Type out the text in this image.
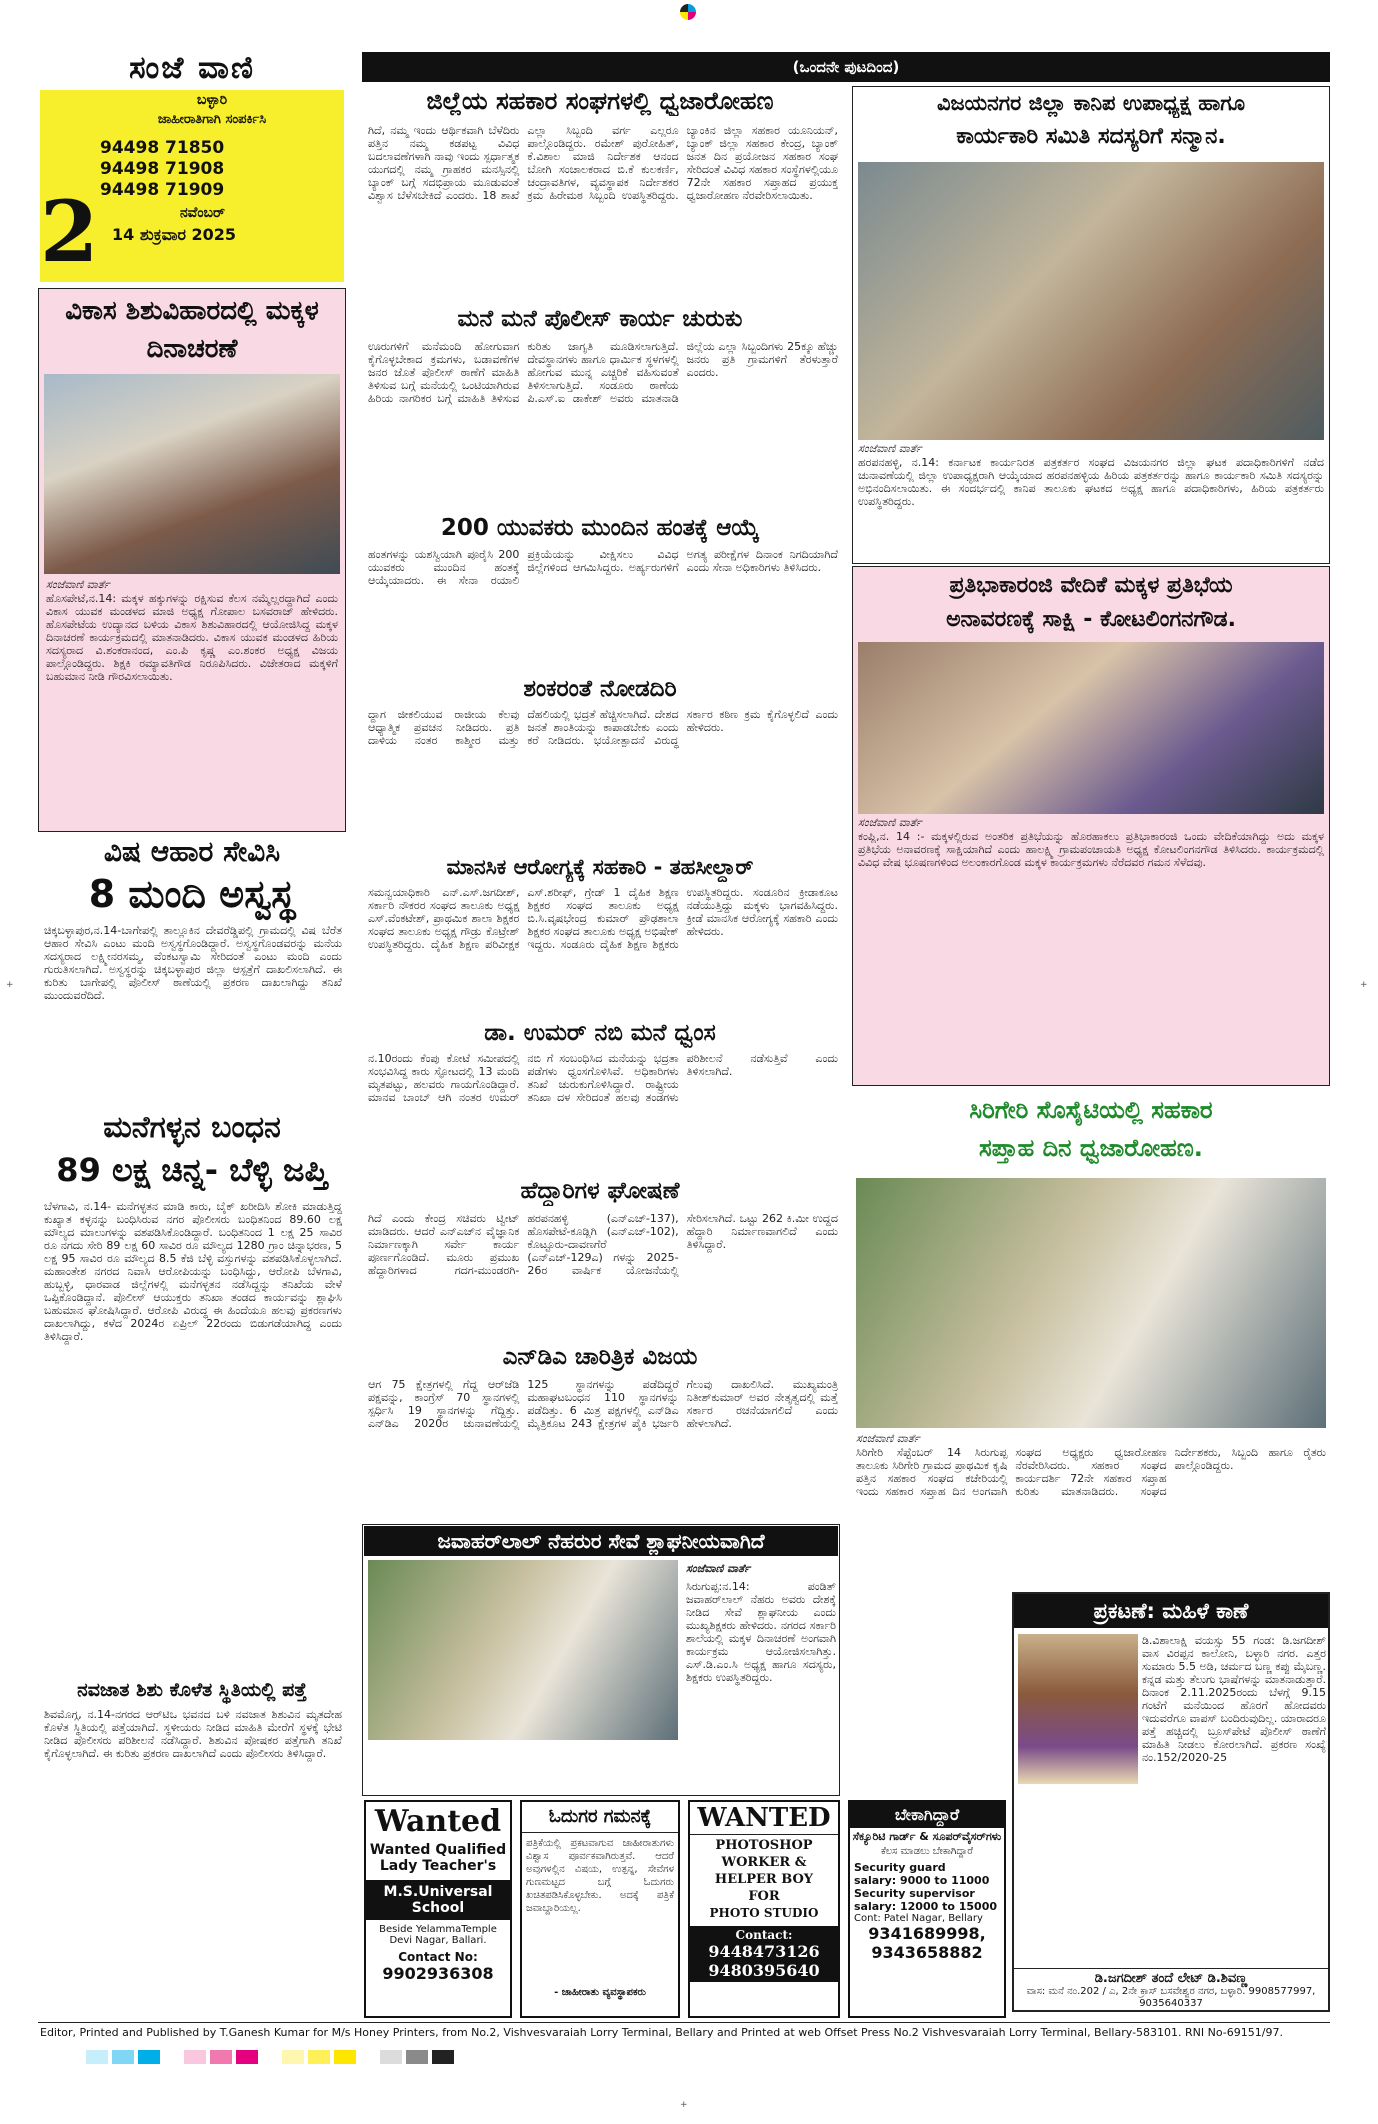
+
+
ಸಂಜೆ ವಾಣಿ
ಬಳ್ಳಾರಿ
ಜಾಹೀರಾತಿಗಾಗಿ ಸಂಪರ್ಕಿಸಿ
94498 71850
94498 71908
94498 71909
ನವೆಂಬರ್
14 ಶುಕ್ರವಾರ 2025
2
(ಒಂದನೇ ಪುಟದಿಂದ)
ಜಿಲ್ಲೆಯ ಸಹಕಾರ ಸಂಘಗಳಲ್ಲಿ ಧ್ವಜಾರೋಹಣ
ಗಿದೆ, ನಮ್ಮ ಇಂದು ಆರ್ಥಿಕವಾಗಿ ಬೆಳೆದಿರು ಪತ್ತಿನ ನಮ್ಮ ಕಡಪಟ್ಟ ವಿವಿಧ ಬದಲಾವಣೆಗಳಾಗಿ ನಾವು ಇಂದು ಸ್ಪರ್ಧಾತ್ಮಕ ಯುಗದಲ್ಲಿ ನಮ್ಮ ಗ್ರಾಹಕರ ಮನಸ್ಸಿನಲ್ಲಿ ಬ್ಯಾಂಕ್ ಬಗ್ಗೆ ಸದಭಿಪ್ರಾಯ ಮೂಡುವಂತೆ ವಿಶ್ವಾಸ ಬೆಳೆಸಬೇಕಿದೆ ಎಂದರು. 18 ಶಾಖೆ ಎಲ್ಲಾ ಸಿಬ್ಬಂದಿ ವರ್ಗ ಎಲ್ಲರೂ ಪಾಲ್ಗೊಂಡಿದ್ದರು. ರಮೇಶ್ ಪುರೋಹಿತ್, ಕೆ.ವಿಶಾಲ ಮಾಜಿ ನಿರ್ದೇಶಕ ಆನಂದ ಬೋಗಿ ಸಂಚಾಲಕರಾದ ಬಿ.ಕೆ ಕುಲಕರ್ಣಿ, ಚಂದ್ರಾವತಿಗಳ, ವ್ಯವಸ್ಥಾಪಕ ನಿರ್ದೇಶಕರ ಕ್ರಮ ಹಿರೇಮಠ ಸಿಬ್ಬಂದಿ ಉಪಸ್ಥಿತರಿದ್ದರು. ಬ್ಯಾಂಕಿನ ಜಿಲ್ಲಾ ಸಹಕಾರ ಯೂನಿಯನ್, ಬ್ಯಾಂಕ್ ಜಿಲ್ಲಾ ಸಹಕಾರ ಕೇಂದ್ರ, ಬ್ಯಾಂಕ್ ಜನತ ದಿನ ಪ್ರಯೋಜನ ಸಹಕಾರ ಸಂಘ ಸೇರಿದಂತೆ ವಿವಿಧ ಸಹಕಾರ ಸಂಸ್ಥೆಗಳಲ್ಲಿಯೂ 72ನೇ ಸಹಕಾರ ಸಪ್ತಾಹದ ಪ್ರಯುಕ್ತ ಧ್ವಜಾರೋಹಣ ನೆರವೇರಿಸಲಾಯಿತು.
ಮನೆ ಮನೆ ಪೊಲೀಸ್ ಕಾರ್ಯ ಚುರುಕು
ಊರುಗಳಿಗೆ ಮನೆಮಂದಿ ಹೋಗುವಾಗ ಕೈಗೊಳ್ಳಬೇಕಾದ ಕ್ರಮಗಳು, ಬಡಾವಣೆಗಳ ಜನರ ಜೊತೆ ಪೊಲೀಸ್ ಠಾಣೆಗೆ ಮಾಹಿತಿ ತಿಳಿಸುವ ಬಗ್ಗೆ ಮನೆಯಲ್ಲಿ ಒಂಟಿಯಾಗಿರುವ ಹಿರಿಯ ನಾಗರಿಕರ ಬಗ್ಗೆ ಮಾಹಿತಿ ತಿಳಿಸುವ ಕುರಿತು ಜಾಗೃತಿ ಮೂಡಿಸಲಾಗುತ್ತಿದೆ. ದೇವಸ್ಥಾನಗಳು ಹಾಗೂ ಧಾರ್ಮಿಕ ಸ್ಥಳಗಳಲ್ಲಿ ಹೋಗುವ ಮುನ್ನ ಎಚ್ಚರಿಕೆ ವಹಿಸುವಂತೆ ತಿಳಿಸಲಾಗುತ್ತಿದೆ. ಸಂಡೂರು ಠಾಣೆಯ ಪಿ.ಎಸ್.ಐ ಡಾಕೇಶ್ ಅವರು ಮಾತನಾಡಿ ಜಿಲ್ಲೆಯ ಎಲ್ಲಾ ಸಿಬ್ಬಂದಿಗಳು 25ಕ್ಕೂ ಹೆಚ್ಚು ಜನರು ಪ್ರತಿ ಗ್ರಾಮಗಳಿಗೆ ತೆರಳುತ್ತಾರೆ ಎಂದರು.
200 ಯುವಕರು ಮುಂದಿನ ಹಂತಕ್ಕೆ ಆಯ್ಕೆ
ಹಂತಗಳನ್ನು ಯಶಸ್ವಿಯಾಗಿ ಪೂರೈಸಿ 200 ಯುವಕರು ಮುಂದಿನ ಹಂತಕ್ಕೆ ಆಯ್ಕೆಯಾದರು. ಈ ಸೇನಾ ರಯಾಲಿ ಪ್ರಕ್ರಿಯೆಯನ್ನು ವೀಕ್ಷಿಸಲು ವಿವಿಧ ಜಿಲ್ಲೆಗಳಿಂದ ಆಗಮಿಸಿದ್ದರು. ಅರ್ಹ್ಯರುಗಳಿಗೆ ಅಗತ್ಯ ಪರೀಕ್ಷೆಗಳ ದಿನಾಂಕ ನಿಗದಿಯಾಗಿದೆ ಎಂದು ಸೇನಾ ಅಧಿಕಾರಿಗಳು ತಿಳಿಸಿದರು.
ಶಂಕರಂತೆ ನೋಡದಿರಿ
ದ್ದಾಗ ಜೀಕಲಿಯುವ ರಾಜೀಯ ಕೆಲವು ಆಧ್ಯಾತ್ಮಿಕ ಪ್ರವಚನ ನೀಡಿದರು. ಪ್ರತಿ ದಾಳಿಯ ನಂತರ ಕಾಶ್ಮೀರ ಮತ್ತು ದೆಹಲಿಯಲ್ಲಿ ಭದ್ರತೆ ಹೆಚ್ಚಿಸಲಾಗಿದೆ. ದೇಶದ ಜನತೆ ಶಾಂತಿಯನ್ನು ಕಾಪಾಡಬೇಕು ಎಂದು ಕರೆ ನೀಡಿದರು. ಭಯೋತ್ಪಾದನೆ ವಿರುದ್ಧ ಸರ್ಕಾರ ಕಠಿಣ ಕ್ರಮ ಕೈಗೊಳ್ಳಲಿದೆ ಎಂದು ಹೇಳಿದರು.
ಮಾನಸಿಕ ಆರೋಗ್ಯಕ್ಕೆ ಸಹಕಾರಿ - ತಹಸೀಲ್ದಾರ್
ಸಮನ್ವಯಾಧಿಕಾರಿ ಎನ್.ಎಸ್.ಜಗದೀಶ್, ಸರ್ಕಾರಿ ನೌಕರರ ಸಂಘದ ತಾಲೂಕು ಅಧ್ಯಕ್ಷ ಎಸ್.ವೆಂಕಟೇಶ್, ಪ್ರಾಥಮಿಕ ಶಾಲಾ ಶಿಕ್ಷಕರ ಸಂಘದ ತಾಲೂಕು ಅಧ್ಯಕ್ಷ ಗೌಡ್ರು ಕೊಟ್ರೇಶ್ ಉಪಸ್ಥಿತರಿದ್ದರು. ದೈಹಿಕ ಶಿಕ್ಷಣ ಪರಿವೀಕ್ಷಕ ಎಸ್.ಶರೀಫ್, ಗ್ರೇಡ್ 1 ದೈಹಿಕ ಶಿಕ್ಷಣ ಶಿಕ್ಷಕರ ಸಂಘದ ತಾಲೂಕು ಅಧ್ಯಕ್ಷ ಬಿ.ಸಿ.ವೃಷಭೇಂದ್ರ ಕುಮಾರ್ ಪ್ರೌಢಶಾಲಾ ಶಿಕ್ಷಕರ ಸಂಘದ ತಾಲೂಕು ಅಧ್ಯಕ್ಷ ಅಭಿಷೇಕ್ ಇದ್ದರು. ಸಂಡೂರು ದೈಹಿಕ ಶಿಕ್ಷಣ ಶಿಕ್ಷಕರು ಉಪಸ್ಥಿತರಿದ್ದರು. ಸಂಡೂರಿನ ಕ್ರೀಡಾಕೂಟ ನಡೆಯುತ್ತಿದ್ದು ಮಕ್ಕಳು ಭಾಗವಹಿಸಿದ್ದರು. ಕ್ರೀಡೆ ಮಾನಸಿಕ ಆರೋಗ್ಯಕ್ಕೆ ಸಹಕಾರಿ ಎಂದು ಹೇಳಿದರು.
ಡಾ. ಉಮರ್ ನಬಿ ಮನೆ ಧ್ವಂಸ
ನ.10ರಂದು ಕೆಂಪು ಕೋಟೆ ಸಮೀಪದಲ್ಲಿ ಸಂಭವಿಸಿದ್ದ ಕಾರು ಸ್ಫೋಟದಲ್ಲಿ 13 ಮಂದಿ ಮೃತಪಟ್ಟು, ಹಲವರು ಗಾಯಗೊಂಡಿದ್ದಾರೆ. ಮಾನವ ಬಾಂಬ್ ಆಗಿ ನಂತರ ಉಮರ್ ನಬಿ ಗೆ ಸಂಬಂಧಿಸಿದ ಮನೆಯನ್ನು ಭದ್ರತಾ ಪಡೆಗಳು ಧ್ವಂಸಗೊಳಿಸಿವೆ. ಅಧಿಕಾರಿಗಳು ತನಿಖೆ ಚುರುಕುಗೊಳಿಸಿದ್ದಾರೆ. ರಾಷ್ಟ್ರೀಯ ತನಿಖಾ ದಳ ಸೇರಿದಂತೆ ಹಲವು ತಂಡಗಳು ಪರಿಶೀಲನೆ ನಡೆಸುತ್ತಿವೆ ಎಂದು ತಿಳಿಸಲಾಗಿದೆ.
ಹೆದ್ದಾರಿಗಳ ಘೋಷಣೆ
ಗಿದೆ ಎಂದು ಕೇಂದ್ರ ಸಚಿವರು ಟ್ವೀಟ್ ಮಾಡಿದರು. ಆದರೆ ಎನ್‌ಎಚ್‌ನ ವೈಜ್ಞಾನಿಕ ನಿರ್ಮಾಣಕ್ಕಾಗಿ ಸರ್ವೇ ಕಾರ್ಯ ಪೂರ್ಣಗೊಂಡಿದೆ. ಮೂರು ಪ್ರಮುಖ ಹೆದ್ದಾರಿಗಳಾದ ಗದಗ-ಮುಂಡರಗಿ-ಹರಪನಹಳ್ಳಿ (ಎನ್‌ಎಚ್-137), ಹೊಸಪೇಟೆ-ಕೂಡ್ಲಿಗಿ (ಎನ್‌ಎಚ್-102), ಕೊಟ್ಟೂರು-ದಾವಣಗೆರೆ (ಎನ್‌ಎಚ್-129ಎ) ಗಳನ್ನು 2025-26ರ ವಾರ್ಷಿಕ ಯೋಜನೆಯಲ್ಲಿ ಸೇರಿಸಲಾಗಿದೆ. ಒಟ್ಟು 262 ಕಿ.ಮೀ ಉದ್ದದ ಹೆದ್ದಾರಿ ನಿರ್ಮಾಣವಾಗಲಿದೆ ಎಂದು ತಿಳಿಸಿದ್ದಾರೆ.
ಎನ್‌ಡಿಎ ಚಾರಿತ್ರಿಕ ವಿಜಯ
ಆಗ 75 ಕ್ಷೇತ್ರಗಳಲ್ಲಿ ಗೆದ್ದ ಆರ್‌ಜೆಡಿ ಪಕ್ಷವನ್ನು, ಕಾಂಗ್ರೆಸ್ 70 ಸ್ಥಾನಗಳಲ್ಲಿ ಸ್ಪರ್ಧಿಸಿ 19 ಸ್ಥಾನಗಳನ್ನು ಗೆದ್ದಿತ್ತು. ಎನ್‌ಡಿಎ 2020ರ ಚುನಾವಣೆಯಲ್ಲಿ 125 ಸ್ಥಾನಗಳನ್ನು ಪಡೆದಿದ್ದರೆ ಮಹಾಘಟಬಂಧನ 110 ಸ್ಥಾನಗಳನ್ನು ಪಡೆದಿತ್ತು. 6 ಮಿತ್ರ ಪಕ್ಷಗಳಲ್ಲಿ ಎನ್‌ಡಿಎ ಮೈತ್ರಿಕೂಟ 243 ಕ್ಷೇತ್ರಗಳ ಪೈಕಿ ಭರ್ಜರಿ ಗೆಲುವು ದಾಖಲಿಸಿದೆ. ಮುಖ್ಯಮಂತ್ರಿ ನಿತೀಶ್‌ಕುಮಾರ್ ಅವರ ನೇತೃತ್ವದಲ್ಲಿ ಮತ್ತೆ ಸರ್ಕಾರ ರಚನೆಯಾಗಲಿದೆ ಎಂದು ಹೇಳಲಾಗಿದೆ.
ಜವಾಹರ್‌ಲಾಲ್ ನೆಹರುರ ಸೇವೆ ಶ್ಲಾಘನೀಯವಾಗಿದೆ
ಸಂಜೆವಾಣಿ ವಾರ್ತೆ
ಸಿರುಗುಪ್ಪ:ನ.14: ಪಂಡಿತ್ ಜವಾಹರ್‌ಲಾಲ್ ನೆಹರು ಅವರು ದೇಶಕ್ಕೆ ನೀಡಿದ ಸೇವೆ ಶ್ಲಾಘನೀಯ ಎಂದು ಮುಖ್ಯಶಿಕ್ಷಕರು ಹೇಳಿದರು. ನಗರದ ಸರ್ಕಾರಿ ಶಾಲೆಯಲ್ಲಿ ಮಕ್ಕಳ ದಿನಾಚರಣೆ ಅಂಗವಾಗಿ ಕಾರ್ಯಕ್ರಮ ಆಯೋಜಿಸಲಾಗಿತ್ತು. ಎಸ್.ಡಿ.ಎಂ.ಸಿ ಅಧ್ಯಕ್ಷ ಹಾಗೂ ಸದಸ್ಯರು, ಶಿಕ್ಷಕರು ಉಪಸ್ಥಿತರಿದ್ದರು.
ವಿಕಾಸ ಶಿಶುವಿಹಾರದಲ್ಲಿ ಮಕ್ಕಳ ದಿನಾಚರಣೆ
ಸಂಜೆವಾಣಿ ವಾರ್ತೆ
ಹೊಸಪೇಟೆ,ನ.14: ಮಕ್ಕಳ ಹಕ್ಕುಗಳನ್ನು ರಕ್ಷಿಸುವ ಕೆಲಸ ನಮ್ಮೆಲ್ಲರದ್ದಾಗಿದೆ ಎಂದು ವಿಕಾಸ ಯುವಕ ಮಂಡಳದ ಮಾಜಿ ಅಧ್ಯಕ್ಷ ಗೋಪಾಲ ಬಸವರಾಜ್ ಹೇಳಿದರು. ಹೊಸಪೇಟೆಯ ಉದ್ಯಾನದ ಬಳಿಯ ವಿಕಾಸ ಶಿಶುವಿಹಾರದಲ್ಲಿ ಆಯೋಜಿಸಿದ್ದ ಮಕ್ಕಳ ದಿನಾಚರಣೆ ಕಾರ್ಯಕ್ರಮದಲ್ಲಿ ಮಾತನಾಡಿದರು. ವಿಕಾಸ ಯುವಕ ಮಂಡಳದ ಹಿರಿಯ ಸದಸ್ಯರಾದ ವಿ.ಶಂಕರಾನಂದ, ಎಂ.ಪಿ ಕೃಷ್ಣ ಎಂ.ಶಂಕರ ಅಧ್ಯಕ್ಷ ವಿಜಯ ಪಾಲ್ಗೊಂಡಿದ್ದರು. ಶಿಕ್ಷಕಿ ರಮ್ಯಾವತಿಗೌಡ ನಿರೂಪಿಸಿದರು. ವಿಜೇತರಾದ ಮಕ್ಕಳಿಗೆ ಬಹುಮಾನ ನೀಡಿ ಗೌರವಿಸಲಾಯಿತು.
ವಿಷ ಆಹಾರ ಸೇವಿಸಿ
8 ಮಂದಿ ಅಸ್ವಸ್ಥ
ಚಿಕ್ಕಬಳ್ಳಾಪುರ,ನ.14-ಬಾಗೇಪಲ್ಲಿ ತಾಲ್ಲೂಕಿನ ದೇವರೆಡ್ಡಿಪಲ್ಲಿ ಗ್ರಾಮದಲ್ಲಿ ವಿಷ ಬೆರೆತ ಆಹಾರ ಸೇವಿಸಿ ಎಂಟು ಮಂದಿ ಅಸ್ವಸ್ಥಗೊಂಡಿದ್ದಾರೆ. ಅಸ್ವಸ್ಥಗೊಂಡವರನ್ನು ಮನೆಯ ಸದಸ್ಯರಾದ ಲಕ್ಷ್ಮೀನರಸಮ್ಮ, ವೆಂಕಟಸ್ವಾಮಿ ಸೇರಿದಂತೆ ಎಂಟು ಮಂದಿ ಎಂದು ಗುರುತಿಸಲಾಗಿದೆ. ಅಸ್ವಸ್ಥರನ್ನು ಚಿಕ್ಕಬಳ್ಳಾಪುರ ಜಿಲ್ಲಾ ಆಸ್ಪತ್ರೆಗೆ ದಾಖಲಿಸಲಾಗಿದೆ. ಈ ಕುರಿತು ಬಾಗೇಪಲ್ಲಿ ಪೊಲೀಸ್ ಠಾಣೆಯಲ್ಲಿ ಪ್ರಕರಣ ದಾಖಲಾಗಿದ್ದು ತನಿಖೆ ಮುಂದುವರೆದಿದೆ.
ಮನೆಗಳ್ಳನ ಬಂಧನ
89 ಲಕ್ಷ ಚಿನ್ನ- ಬೆಳ್ಳಿ ಜಪ್ತಿ
ಬೆಳಗಾವಿ, ನ.14- ಮನೆಗಳ್ಳತನ ಮಾಡಿ ಕಾರು, ಬೈಕ್ ಖರೀದಿಸಿ ಶೋಕಿ ಮಾಡುತ್ತಿದ್ದ ಕುಖ್ಯಾತ ಕಳ್ಳನನ್ನು ಬಂಧಿಸಿರುವ ನಗರ ಪೊಲೀಸರು ಬಂಧಿತನಿಂದ 89.60 ಲಕ್ಷ ಮೌಲ್ಯದ ಮಾಲುಗಳನ್ನು ವಶಪಡಿಸಿಕೊಂಡಿದ್ದಾರೆ. ಬಂಧಿತನಿಂದ 1 ಲಕ್ಷ 25 ಸಾವಿರ ರೂ ನಗದು ಸೇರಿ 89 ಲಕ್ಷ 60 ಸಾವಿರ ರೂ ಮೌಲ್ಯದ 1280 ಗ್ರಾಂ ಚಿನ್ನಾಭರಣ, 5 ಲಕ್ಷ 95 ಸಾವಿರ ರೂ ಮೌಲ್ಯದ 8.5 ಕೆಜಿ ಬೆಳ್ಳಿ ವಸ್ತುಗಳನ್ನು ವಶಪಡಿಸಿಕೊಳ್ಳಲಾಗಿದೆ. ಮಹಾಂತೇಶ ನಗರದ ನಿವಾಸಿ ಆರೋಪಿಯನ್ನು ಬಂಧಿಸಿದ್ದು, ಆರೋಪಿ ಬೆಳಗಾವಿ, ಹುಬ್ಬಳ್ಳಿ, ಧಾರವಾಡ ಜಿಲ್ಲೆಗಳಲ್ಲಿ ಮನೆಗಳ್ಳತನ ನಡೆಸಿದ್ದನ್ನು ತನಿಖೆಯ ವೇಳೆ ಒಪ್ಪಿಕೊಂಡಿದ್ದಾನೆ. ಪೊಲೀಸ್ ಆಯುಕ್ತರು ತನಿಖಾ ತಂಡದ ಕಾರ್ಯವನ್ನು ಶ್ಲಾಘಿಸಿ ಬಹುಮಾನ ಘೋಷಿಸಿದ್ದಾರೆ. ಆರೋಪಿ ವಿರುದ್ಧ ಈ ಹಿಂದೆಯೂ ಹಲವು ಪ್ರಕರಣಗಳು ದಾಖಲಾಗಿದ್ದು, ಕಳೆದ 2024ರ ಏಪ್ರಿಲ್ 22ರಂದು ಬಿಡುಗಡೆಯಾಗಿದ್ದ ಎಂದು ತಿಳಿಸಿದ್ದಾರೆ.
ನವಜಾತ ಶಿಶು ಕೊಳೆತ ಸ್ಥಿತಿಯಲ್ಲಿ ಪತ್ತೆ
ಶಿವಮೊಗ್ಗ, ನ.14-ನಗರದ ಆರ್‌ಟಿಒ ಭವನದ ಬಳಿ ನವಜಾತ ಶಿಶುವಿನ ಮೃತದೇಹ ಕೊಳೆತ ಸ್ಥಿತಿಯಲ್ಲಿ ಪತ್ತೆಯಾಗಿದೆ. ಸ್ಥಳೀಯರು ನೀಡಿದ ಮಾಹಿತಿ ಮೇರೆಗೆ ಸ್ಥಳಕ್ಕೆ ಭೇಟಿ ನೀಡಿದ ಪೊಲೀಸರು ಪರಿಶೀಲನೆ ನಡೆಸಿದ್ದಾರೆ. ಶಿಶುವಿನ ಪೋಷಕರ ಪತ್ತೆಗಾಗಿ ತನಿಖೆ ಕೈಗೊಳ್ಳಲಾಗಿದೆ. ಈ ಕುರಿತು ಪ್ರಕರಣ ದಾಖಲಾಗಿದೆ ಎಂದು ಪೊಲೀಸರು ತಿಳಿಸಿದ್ದಾರೆ.
ವಿಜಯನಗರ ಜಿಲ್ಲಾ ಕಾನಿಪ ಉಪಾಧ್ಯಕ್ಷ ಹಾಗೂ
ಕಾರ್ಯಕಾರಿ ಸಮಿತಿ ಸದಸ್ಯರಿಗೆ ಸನ್ಮಾನ.
ಸಂಜೆವಾಣಿ ವಾರ್ತೆ
ಹರಪನಹಳ್ಳಿ, ನ.14: ಕರ್ನಾಟಕ ಕಾರ್ಯನಿರತ ಪತ್ರಕರ್ತರ ಸಂಘದ ವಿಜಯನಗರ ಜಿಲ್ಲಾ ಘಟಕ ಪದಾಧಿಕಾರಿಗಳಿಗೆ ನಡೆದ ಚುನಾವಣೆಯಲ್ಲಿ ಜಿಲ್ಲಾ ಉಪಾಧ್ಯಕ್ಷರಾಗಿ ಆಯ್ಕೆಯಾದ ಹರಪನಹಳ್ಳಿಯ ಹಿರಿಯ ಪತ್ರಕರ್ತರನ್ನು ಹಾಗೂ ಕಾರ್ಯಕಾರಿ ಸಮಿತಿ ಸದಸ್ಯರನ್ನು ಅಭಿನಂದಿಸಲಾಯಿತು. ಈ ಸಂದರ್ಭದಲ್ಲಿ ಕಾನಿಪ ತಾಲೂಕು ಘಟಕದ ಅಧ್ಯಕ್ಷ ಹಾಗೂ ಪದಾಧಿಕಾರಿಗಳು, ಹಿರಿಯ ಪತ್ರಕರ್ತರು ಉಪಸ್ಥಿತರಿದ್ದರು.
ಪ್ರತಿಭಾಕಾರಂಜಿ ವೇದಿಕೆ ಮಕ್ಕಳ ಪ್ರತಿಭೆಯ
ಅನಾವರಣಕ್ಕೆ ಸಾಕ್ಷಿ - ಕೋಟಲಿಂಗನಗೌಡ.
ಸಂಜೆವಾಣಿ ವಾರ್ತೆ
ಕಂಪ್ಲಿ,ನ. 14 :- ಮಕ್ಕಳಲ್ಲಿರುವ ಅಂತರಿಕ ಪ್ರತಿಭೆಯನ್ನು ಹೊರಹಾಕಲು ಪ್ರತಿಭಾಕಾರಂಜಿ ಒಂದು ವೇದಿಕೆಯಾಗಿದ್ದು ಅದು ಮಕ್ಕಳ ಪ್ರತಿಭೆಯ ಅನಾವರಣಕ್ಕೆ ಸಾಕ್ಷಿಯಾಗಿದೆ ಎಂದು ಹಾಲಕ್ಷ್ಮಿ ಗ್ರಾಮಪಂಚಾಯತಿ ಅಧ್ಯಕ್ಷ ಕೋಟಲಿಂಗನಗೌಡ ತಿಳಿಸಿದರು. ಕಾರ್ಯಕ್ರಮದಲ್ಲಿ ವಿವಿಧ ವೇಷ ಭೂಷಣಗಳಿಂದ ಅಲಂಕಾರಗೊಂಡ ಮಕ್ಕಳ ಕಾರ್ಯಕ್ರಮಗಳು ನೆರೆದವರ ಗಮನ ಸೆಳೆದವು.
ಸಿರಿಗೇರಿ ಸೊಸೈಟಿಯಲ್ಲಿ ಸಹಕಾರ
ಸಪ್ತಾಹ ದಿನ ಧ್ವಜಾರೋಹಣ.
ಸಂಜೆವಾಣಿ ವಾರ್ತೆ
ಸಿರಿಗೇರಿ ಸೆಪ್ಟೆಂಬರ್ 14 ಸಿರುಗುಪ್ಪ ತಾಲೂಕು ಸಿರಿಗೇರಿ ಗ್ರಾಮದ ಪ್ರಾಥಮಿಕ ಕೃಷಿ ಪತ್ತಿನ ಸಹಕಾರ ಸಂಘದ ಕಚೇರಿಯಲ್ಲಿ ಇಂದು ಸಹಕಾರ ಸಪ್ತಾಹ ದಿನ ಅಂಗವಾಗಿ ಸಂಘದ ಅಧ್ಯಕ್ಷರು ಧ್ವಜಾರೋಹಣ ನೆರವೇರಿಸಿದರು. ಸಹಕಾರ ಸಂಘದ ಕಾರ್ಯದರ್ಶಿ 72ನೇ ಸಹಕಾರ ಸಪ್ತಾಹ ಕುರಿತು ಮಾತನಾಡಿದರು. ಸಂಘದ ನಿರ್ದೇಶಕರು, ಸಿಬ್ಬಂದಿ ಹಾಗೂ ರೈತರು ಪಾಲ್ಗೊಂಡಿದ್ದರು.
ಪ್ರಕಟಣೆ: ಮಹಿಳೆ ಕಾಣೆ
ಡಿ.ವಿಶಾಲಾಕ್ಷಿ ವಯಸ್ಸು 55 ಗಂಡ: ಡಿ.ಜಗದೀಶ್ ವಾಸ ವಿರಪ್ಪನ ಕಾಲೋನಿ, ಬಳ್ಳಾರಿ ನಗರ. ಎತ್ತರ ಸುಮಾರು 5.5 ಅಡಿ, ಚರ್ಮದ ಬಣ್ಣ ಕಪ್ಪು ಮೈಬಣ್ಣ. ಕನ್ನಡ ಮತ್ತು ತೆಲುಗು ಭಾಷೆಗಳನ್ನು ಮಾತನಾಡುತ್ತಾರೆ. ದಿನಾಂಕ 2.11.2025ರಂದು ಬೆಳಗ್ಗೆ 9.15 ಗಂಟೆಗೆ ಮನೆಯಿಂದ ಹೊರಗೆ ಹೋದವರು ಇದುವರೆಗೂ ವಾಪಸ್ ಬಂದಿರುವುದಿಲ್ಲ. ಯಾರಾದರೂ ಪತ್ತೆ ಹಚ್ಚಿದಲ್ಲಿ ಬ್ರೂಸ್‌ಪೇಟೆ ಪೊಲೀಸ್ ಠಾಣೆಗೆ ಮಾಹಿತಿ ನೀಡಲು ಕೋರಲಾಗಿದೆ. ಪ್ರಕರಣ ಸಂಖ್ಯೆ ನಂ.152/2020-25
ಡಿ.ಜಗದೀಶ್ ತಂದೆ ಲೇಟ್ ಡಿ.ಶಿವಣ್ಣ
ವಾಸ: ಮನೆ ನಂ.202 / ಎ, 2ನೇ ಕ್ರಾಸ್ ಬಸವೇಶ್ವರ ನಗರ, ಬಳ್ಳಾರಿ. 9908577997, 9035640337
Wanted
Wanted Qualified
Lady Teacher's
M.S.Universal School
Beside YelammaTemple Devi Nagar, Ballari.
Contact No:
9902936308
ಓದುಗರ ಗಮನಕ್ಕೆ
ಪತ್ರಿಕೆಯಲ್ಲಿ ಪ್ರಕಟವಾಗುವ ಜಾಹೀರಾತುಗಳು ವಿಶ್ವಾಸ ಪೂರ್ವಕವಾಗಿರುತ್ತವೆ. ಆದರೆ ಅವುಗಳಲ್ಲಿನ ವಿಷಯ, ಉತ್ಪನ್ನ, ಸೇವೆಗಳ ಗುಣಮಟ್ಟದ ಬಗ್ಗೆ ಓದುಗರು ಖಚಿತಪಡಿಸಿಕೊಳ್ಳಬೇಕು. ಅದಕ್ಕೆ ಪತ್ರಿಕೆ ಜವಾಬ್ದಾರಿಯಲ್ಲ.
- ಜಾಹೀರಾತು ವ್ಯವಸ್ಥಾಪಕರು
WANTED
PHOTOSHOP
WORKER &
HELPER BOY
FOR
PHOTO STUDIO
Contact:
9448473126
9480395640
ಬೇಕಾಗಿದ್ದಾರೆ
ಸೆಕ್ಯೂರಿಟಿ ಗಾರ್ಡ್ & ಸೂಪರ್‌ವೈಸರ್‌ಗಳು
ಕೆಲಸ ಮಾಡಲು ಬೇಕಾಗಿದ್ದಾರೆ
Security guard
salary: 9000 to 11000
Security supervisor
salary: 12000 to 15000
Cont: Patel Nagar, Bellary
9341689998,
9343658882
Editor, Printed and Published by T.Ganesh Kumar for M/s Honey Printers, from No.2, Vishvesvaraiah Lorry Terminal, Bellary and Printed at web Offset Press No.2 Vishvesvaraiah Lorry Terminal, Bellary-583101. RNI No-69151/97.
+
